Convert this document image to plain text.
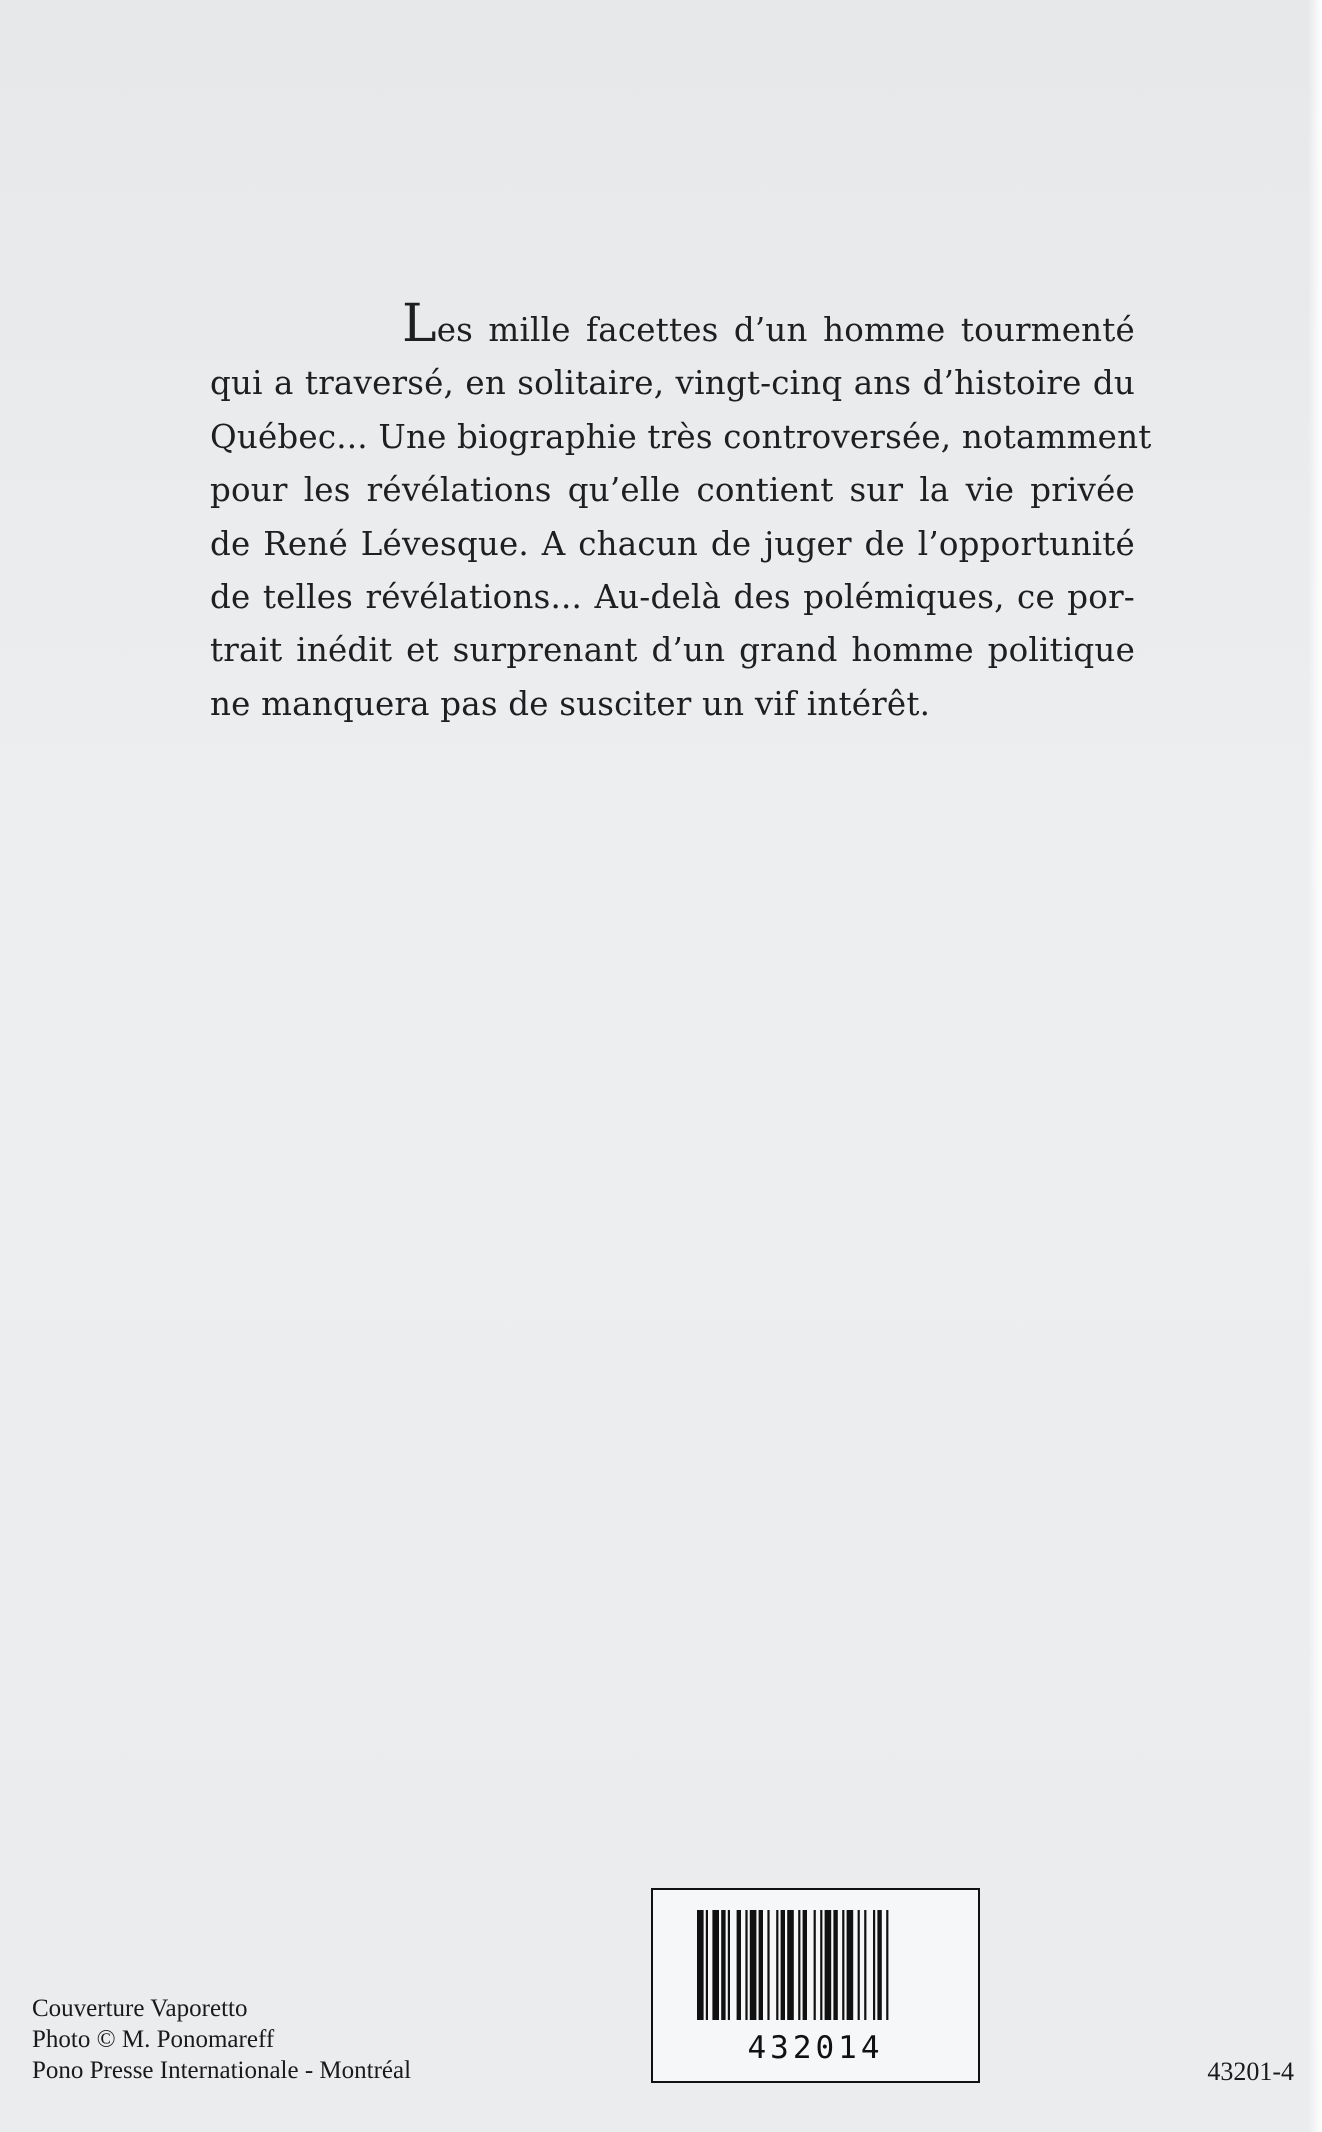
Les mille facettes d’un homme tourmenté
qui a traversé, en solitaire, vingt-cinq ans d’histoire du
Québec... Une biographie très controversée, notamment
pour les révélations qu’elle contient sur la vie privée
de René Lévesque. A chacun de juger de l’opportunité
de telles révélations... Au-delà des polémiques, ce por-
trait inédit et surprenant d’un grand homme politique
ne manquera pas de susciter un vif intérêt.

Couverture Vaporetto
Photo © M. Ponomareff
Pono Presse Internationale - Montréal
432014
43201-4
